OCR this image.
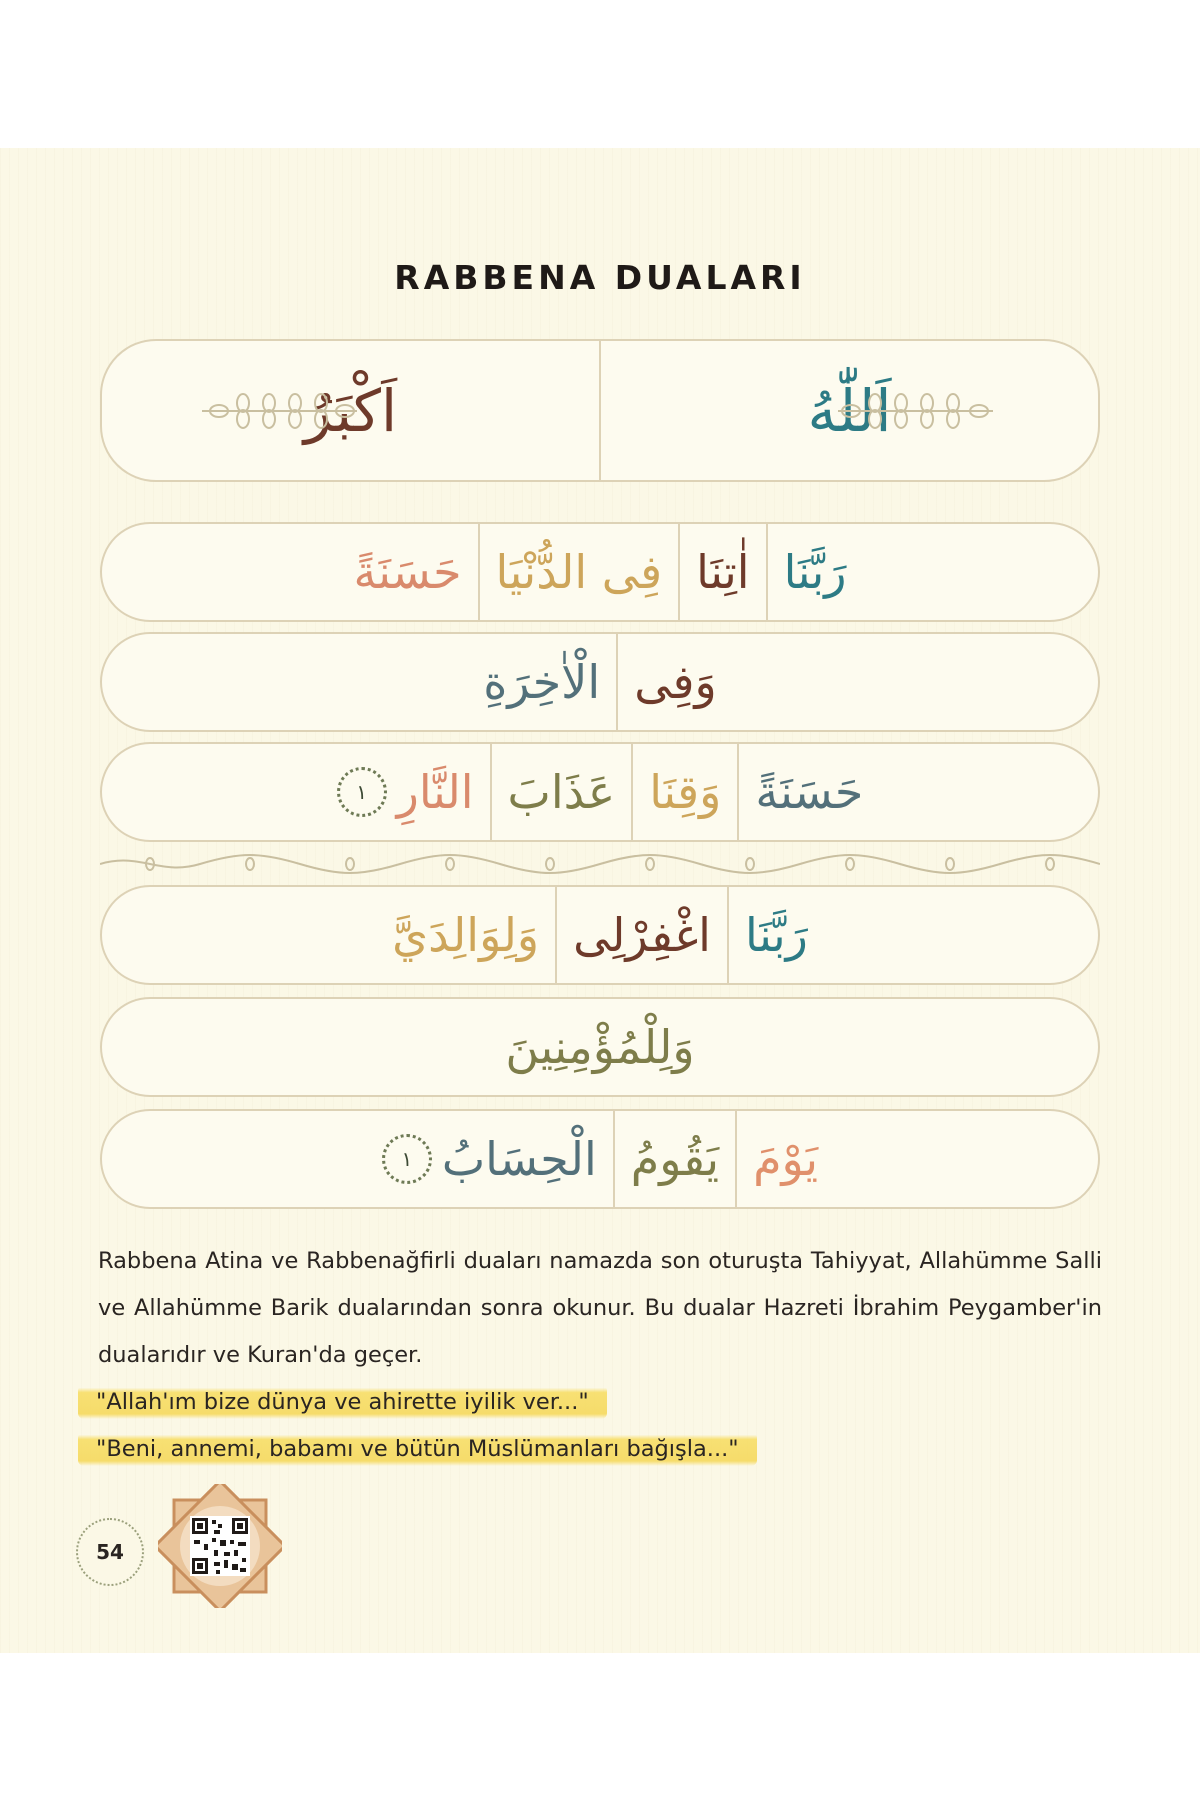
RABBENA DUALARI
اَللّٰهُ
اَكْبَرُ
رَبَّنَا
اٰتِنَا
فِى الدُّنْيَا
حَسَنَةً
وَفِى
الْاٰخِرَةِ
حَسَنَةً
وَقِنَا
عَذَابَ
النَّارِ
١
رَبَّنَا
اغْفِرْلِى
وَلِوَالِدَيَّ
وَلِلْمُؤْمِنِينَ
يَوْمَ
يَقُومُ
الْحِسَابُ
١
Rabbena Atina ve Rabbenağfirli duaları namazda son oturuşta Tahiyyat, Allahümme Salli ve Allahümme Barik dualarından sonra okunur. Bu dualar Hazreti İbrahim Peygamber'in dualarıdır ve Kuran'da geçer.
"Allah'ım bize dünya ve ahirette iyilik ver..."
"Beni, annemi, babamı ve bütün Müslümanları bağışla..."
54
